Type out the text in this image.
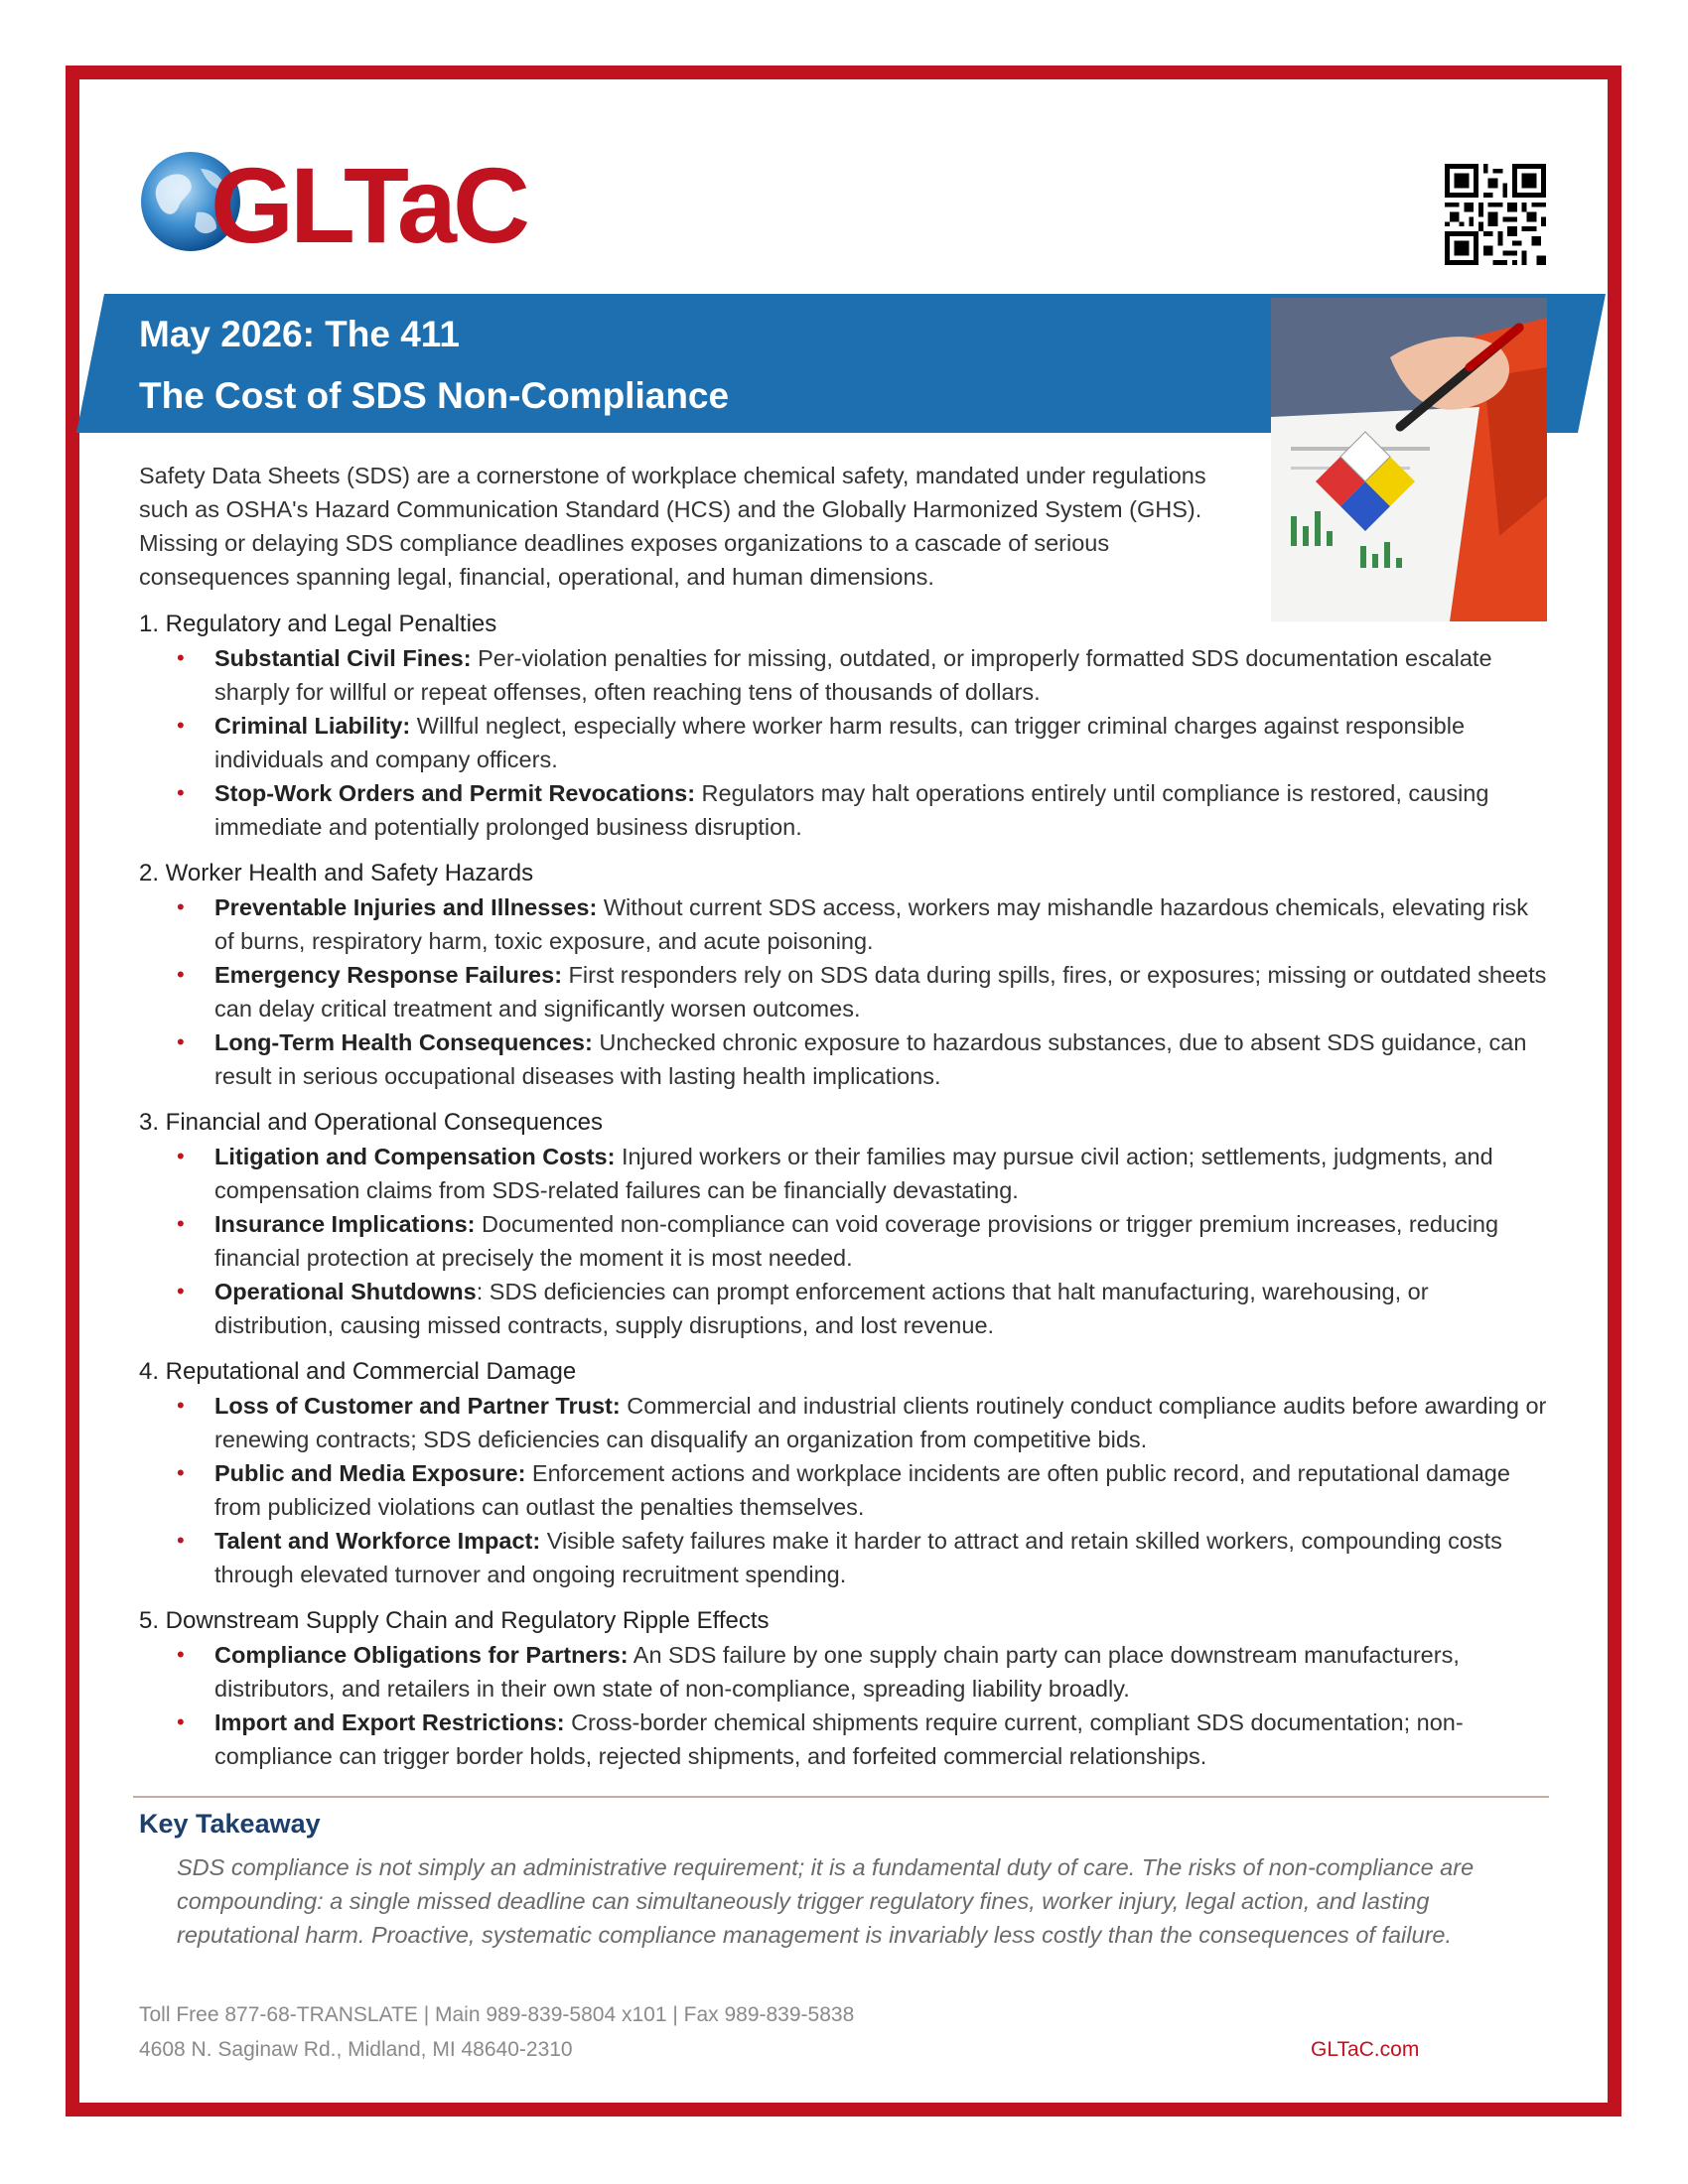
GLTaC
May 2026: The 411
The Cost of SDS Non-Compliance
Safety Data Sheets (SDS) are a cornerstone of workplace chemical safety, mandated under regulations such as OSHA's Hazard Communication Standard (HCS) and the Globally Harmonized System (GHS). Missing or delaying SDS compliance deadlines exposes organizations to a cascade of serious consequences spanning legal, financial, operational, and human dimensions.
1. Regulatory and Legal Penalties
• Substantial Civil Fines: Per-violation penalties for missing, outdated, or improperly formatted SDS documentation escalate sharply for willful or repeat offenses, often reaching tens of thousands of dollars.
• Criminal Liability: Willful neglect, especially where worker harm results, can trigger criminal charges against responsible individuals and company officers.
• Stop-Work Orders and Permit Revocations: Regulators may halt operations entirely until compliance is restored, causing immediate and potentially prolonged business disruption.
2. Worker Health and Safety Hazards
• Preventable Injuries and Illnesses: Without current SDS access, workers may mishandle hazardous chemicals, elevating risk of burns, respiratory harm, toxic exposure, and acute poisoning.
• Emergency Response Failures: First responders rely on SDS data during spills, fires, or exposures; missing or outdated sheets can delay critical treatment and significantly worsen outcomes.
• Long-Term Health Consequences: Unchecked chronic exposure to hazardous substances, due to absent SDS guidance, can result in serious occupational diseases with lasting health implications.
3. Financial and Operational Consequences
• Litigation and Compensation Costs: Injured workers or their families may pursue civil action; settlements, judgments, and compensation claims from SDS-related failures can be financially devastating.
• Insurance Implications: Documented non-compliance can void coverage provisions or trigger premium increases, reducing financial protection at precisely the moment it is most needed.
• Operational Shutdowns: SDS deficiencies can prompt enforcement actions that halt manufacturing, warehousing, or distribution, causing missed contracts, supply disruptions, and lost revenue.
4. Reputational and Commercial Damage
• Loss of Customer and Partner Trust: Commercial and industrial clients routinely conduct compliance audits before awarding or renewing contracts; SDS deficiencies can disqualify an organization from competitive bids.
• Public and Media Exposure: Enforcement actions and workplace incidents are often public record, and reputational damage from publicized violations can outlast the penalties themselves.
• Talent and Workforce Impact: Visible safety failures make it harder to attract and retain skilled workers, compounding costs through elevated turnover and ongoing recruitment spending.
5. Downstream Supply Chain and Regulatory Ripple Effects
• Compliance Obligations for Partners: An SDS failure by one supply chain party can place downstream manufacturers, distributors, and retailers in their own state of non-compliance, spreading liability broadly.
• Import and Export Restrictions: Cross-border chemical shipments require current, compliant SDS documentation; non-compliance can trigger border holds, rejected shipments, and forfeited commercial relationships.
Key Takeaway
SDS compliance is not simply an administrative requirement; it is a fundamental duty of care. The risks of non-compliance are compounding: a single missed deadline can simultaneously trigger regulatory fines, worker injury, legal action, and lasting reputational harm. Proactive, systematic compliance management is invariably less costly than the consequences of failure.
Toll Free 877-68-TRANSLATE | Main 989-839-5804 x101 | Fax 989-839-5838
4608 N. Saginaw Rd., Midland, MI 48640-2310	GLTaC.com
